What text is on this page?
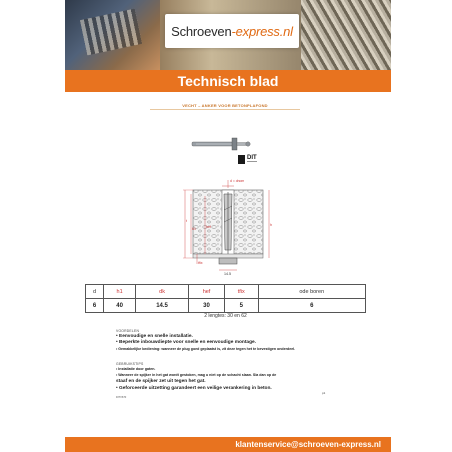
Schroeven-express.nl
Technisch blad
VECHT – ANKER VOOR BETONPLAFOND
DIT
▬▬▬▬▬
d = dnom
hef
h1
t
h
tfix
14.5
d	h1	dk	hef	tfix	ode boren
6	40	14.5	30	5	6
2 lengtes: 30 en 62
VOORDELEN
• Eenvoudige en snelle installatie.
• Beperkte inbouwdiepte voor snelle en eenvoudige montage.
• Gemakkelijke bediening: wanneer de plug goed geplaatst is, zit deze tegen het te bevestigen onderdeel.
GEBRUIKSTIPS
• Installatie door gaten.
• Wanneer de spijker in het gat wordt gestoken, mag u niet op de schacht slaan. Sla dan op de
staaf en de spijker zet uit tegen het gat.
• Geforceerde uitzetting garandeert een veilige verankering in beton.
p1
DITV670
klantenservice@schroeven-express.nl
